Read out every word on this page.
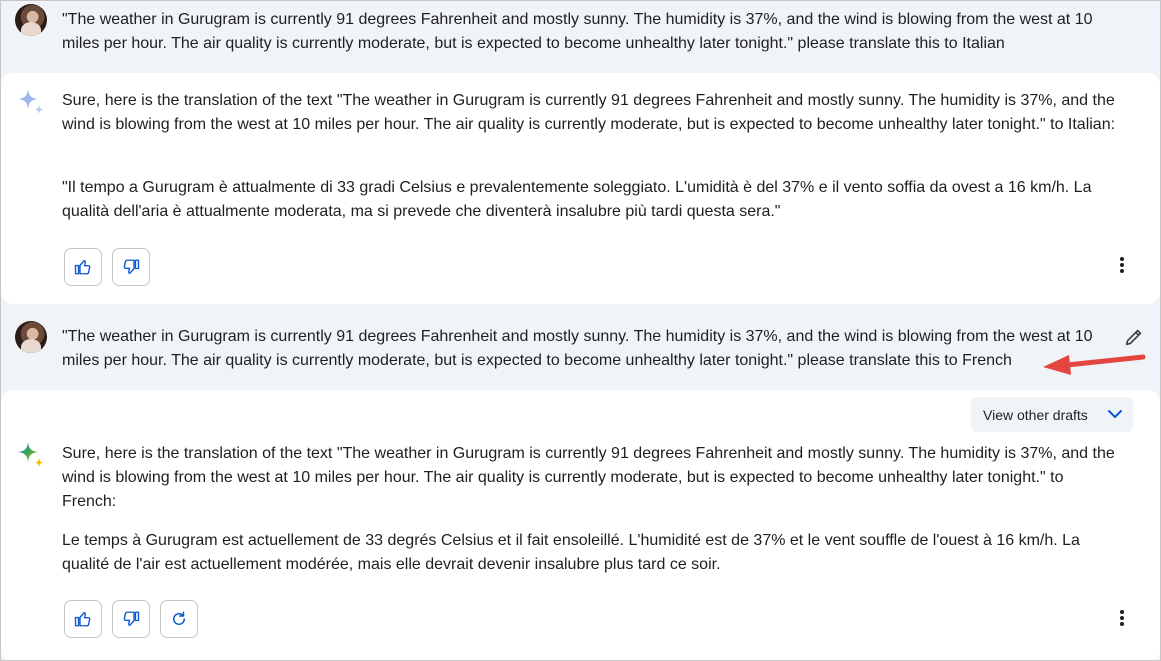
"The weather in Gurugram is currently 91 degrees Fahrenheit and mostly sunny. The humidity is 37%, and the wind is blowing from the west at 10 miles per hour. The air quality is currently moderate, but is expected to become unhealthy later tonight." please translate this to Italian

Sure, here is the translation of the text "The weather in Gurugram is currently 91 degrees Fahrenheit and mostly sunny. The humidity is 37%, and the wind is blowing from the west at 10 miles per hour. The air quality is currently moderate, but is expected to become unhealthy later tonight." to Italian:

"Il tempo a Gurugram è attualmente di 33 gradi Celsius e prevalentemente soleggiato. L'umidità è del 37% e il vento soffia da ovest a 16 km/h. La qualità dell'aria è attualmente moderata, ma si prevede che diventerà insalubre più tardi questa sera."

"The weather in Gurugram is currently 91 degrees Fahrenheit and mostly sunny. The humidity is 37%, and the wind is blowing from the west at 10 miles per hour. The air quality is currently moderate, but is expected to become unhealthy later tonight." please translate this to French

Sure, here is the translation of the text "The weather in Gurugram is currently 91 degrees Fahrenheit and mostly sunny. The humidity is 37%, and the wind is blowing from the west at 10 miles per hour. The air quality is currently moderate, but is expected to become unhealthy later tonight." to French:

Le temps à Gurugram est actuellement de 33 degrés Celsius et il fait ensoleillé. L'humidité est de 37% et le vent souffle de l'ouest à 16 km/h. La qualité de l'air est actuellement modérée, mais elle devrait devenir insalubre plus tard ce soir.

View other drafts
